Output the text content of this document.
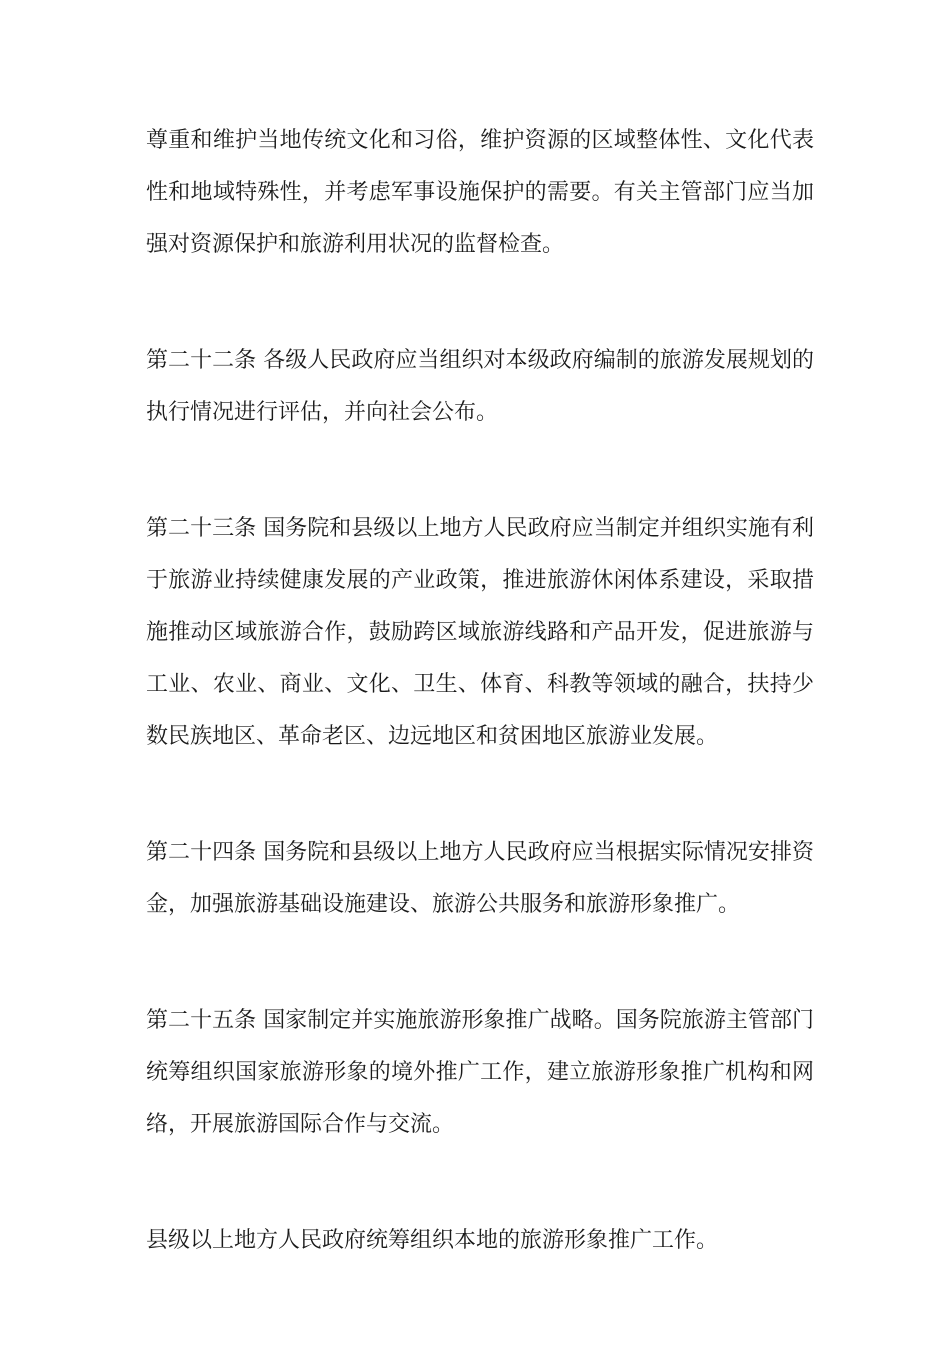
尊重和维护当地传统文化和习俗，维护资源的区域整体性、文化代表性和地域特殊性，并考虑军事设施保护的需要。有关主管部门应当加强对资源保护和旅游利用状况的监督检查。

第二十二条 各级人民政府应当组织对本级政府编制的旅游发展规划的执行情况进行评估，并向社会公布。

第二十三条 国务院和县级以上地方人民政府应当制定并组织实施有利于旅游业持续健康发展的产业政策，推进旅游休闲体系建设，采取措施推动区域旅游合作，鼓励跨区域旅游线路和产品开发，促进旅游与工业、农业、商业、文化、卫生、体育、科教等领域的融合，扶持少数民族地区、革命老区、边远地区和贫困地区旅游业发展。

第二十四条 国务院和县级以上地方人民政府应当根据实际情况安排资金，加强旅游基础设施建设、旅游公共服务和旅游形象推广。

第二十五条 国家制定并实施旅游形象推广战略。国务院旅游主管部门统筹组织国家旅游形象的境外推广工作，建立旅游形象推广机构和网络，开展旅游国际合作与交流。

县级以上地方人民政府统筹组织本地的旅游形象推广工作。
